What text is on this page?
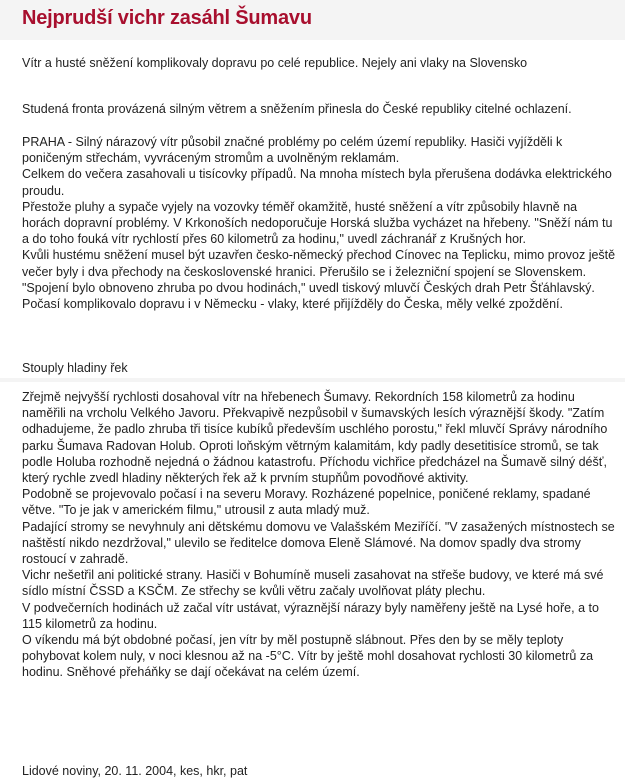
Nejprudší vichr zasáhl Šumavu

Vítr a husté sněžení komplikovaly dopravu po celé republice. Nejely ani vlaky na Slovensko

Studená fronta provázená silným větrem a sněžením přinesla do České republiky citelné ochlazení.

PRAHA - Silný nárazový vítr působil značné problémy po celém území republiky. Hasiči vyjížděli k poničeným střechám, vyvráceným stromům a uvolněným reklamám.

Celkem do večera zasahovali u tisícovky případů. Na mnoha místech byla přerušena dodávka elektrického proudu.

Přestože pluhy a sypače vyjely na vozovky téměř okamžitě, husté sněžení a vítr způsobily hlavně na horách dopravní problémy. V Krkonoších nedoporučuje Horská služba vycházet na hřebeny. "Sněží nám tu a do toho fouká vítr rychlostí přes 60 kilometrů za hodinu," uvedl záchranář z Krušných hor.

Kvůli hustému sněžení musel být uzavřen česko-německý přechod Cínovec na Teplicku, mimo provoz ještě večer byly i dva přechody na československé hranici. Přerušilo se i železniční spojení se Slovenskem.

"Spojení bylo obnoveno zhruba po dvou hodinách," uvedl tiskový mluvčí Českých drah Petr Šťáhlavský. Počasí komplikovalo dopravu i v Německu - vlaky, které přijížděly do Česka, měly velké zpoždění.

Stouply hladiny řek

Zřejmě nejvyšší rychlosti dosahoval vítr na hřebenech Šumavy. Rekordních 158 kilometrů za hodinu naměřili na vrcholu Velkého Javoru. Překvapivě nezpůsobil v šumavských lesích výraznější škody. "Zatím odhadujeme, že padlo zhruba tři tisíce kubíků především uschlého porostu," řekl mluvčí Správy národního parku Šumava Radovan Holub. Oproti loňským větrným kalamitám, kdy padly desetitisíce stromů, se tak podle Holuba rozhodně nejedná o žádnou katastrofu. Příchodu vichřice předcházel na Šumavě silný déšť, který rychle zvedl hladiny některých řek až k prvním stupňům povodňové aktivity.

Podobně se projevovalo počasí i na severu Moravy. Rozházené popelnice, poničené reklamy, spadané větve. "To je jak v americkém filmu," utrousil z auta mladý muž.

Padající stromy se nevyhnuly ani dětskému domovu ve Valašském Meziříčí. "V zasažených místnostech se naštěstí nikdo nezdržoval," ulevilo se ředitelce domova Eleně Slámové. Na domov spadly dva stromy rostoucí v zahradě.

Vichr nešetřil ani politické strany. Hasiči v Bohumíně museli zasahovat na střeše budovy, ve které má své sídlo místní ČSSD a KSČM. Ze střechy se kvůli větru začaly uvolňovat pláty plechu.

V podvečerních hodinách už začal vítr ustávat, výraznější nárazy byly naměřeny ještě na Lysé hoře, a to 115 kilometrů za hodinu.

O víkendu má být obdobné počasí, jen vítr by měl postupně slábnout. Přes den by se měly teploty pohybovat kolem nuly, v noci klesnou až na -5°C. Vítr by ještě mohl dosahovat rychlosti 30 kilometrů za hodinu. Sněhové přeháňky se dají očekávat na celém území.

Lidové noviny, 20. 11. 2004, kes, hkr, pat
